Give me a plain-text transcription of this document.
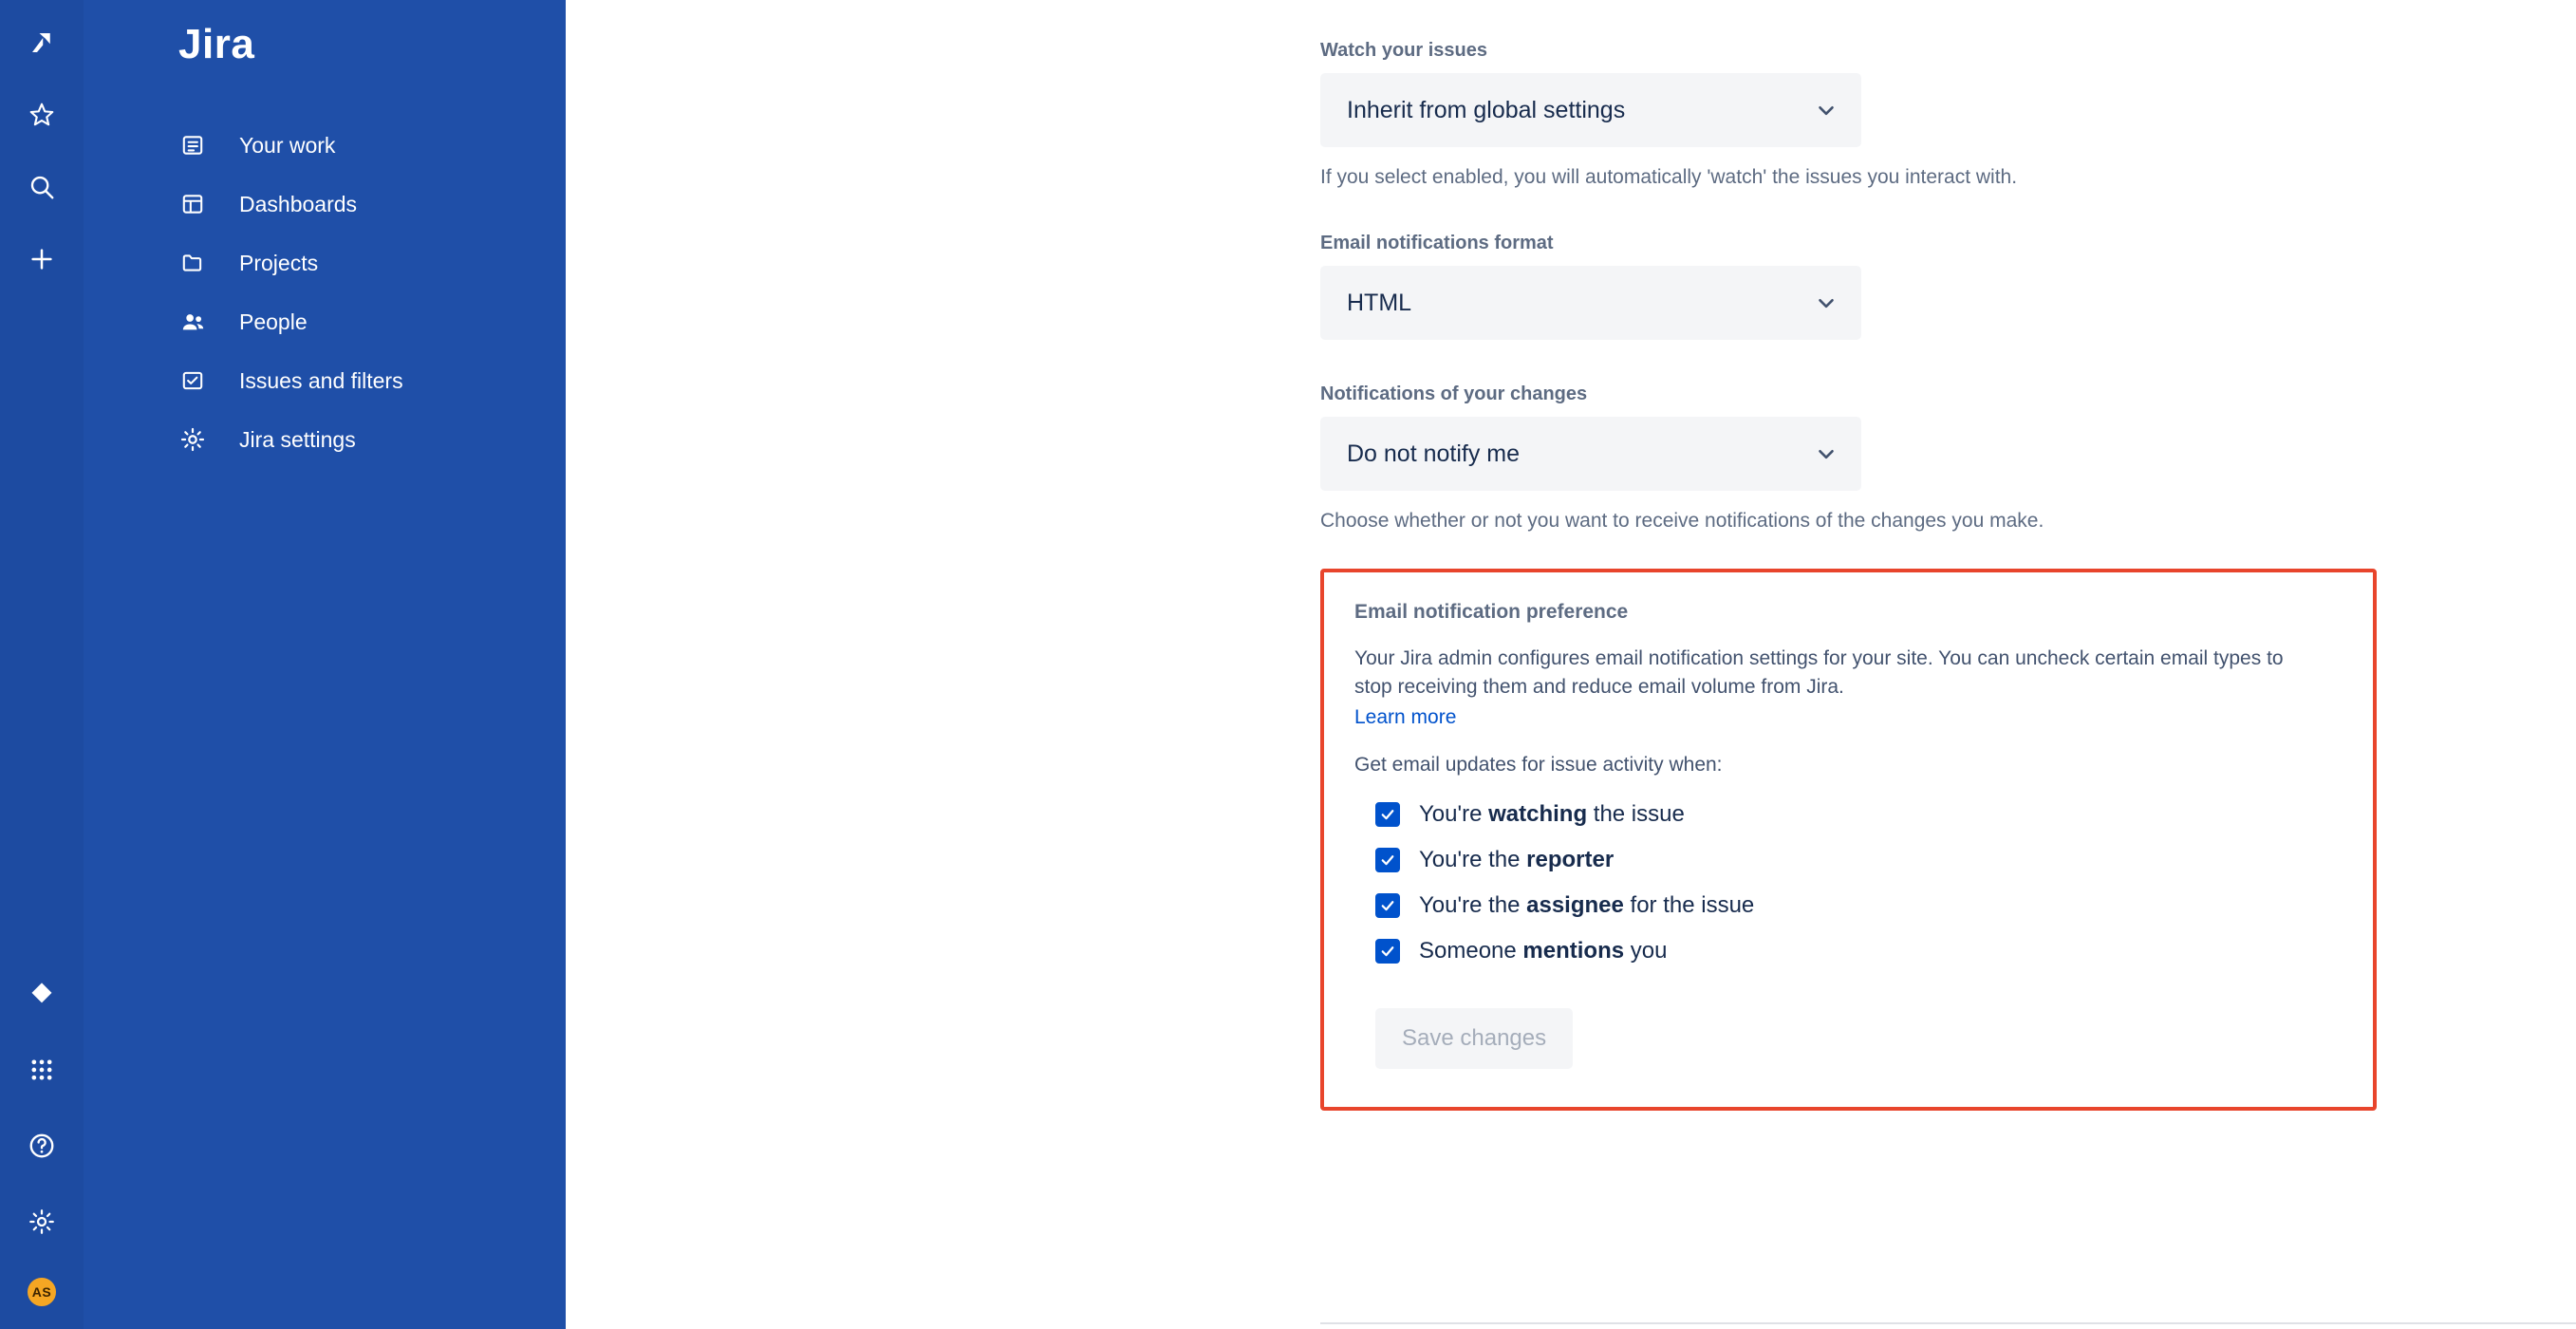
AS
Jira
Your work
Dashboards
Projects
People
Issues and filters
Jira settings
Watch your issues
Inherit from global settings
If you select enabled, you will automatically 'watch' the issues you interact with.
Email notifications format
HTML
Notifications of your changes
Do not notify me
Choose whether or not you want to receive notifications of the changes you make.
Email notification preference
Your Jira admin configures email notification settings for your site. You can uncheck certain email types to stop receiving them and reduce email volume from Jira.
Learn more
Get email updates for issue activity when:
You're watching the issue
You're the reporter
You're the assignee for the issue
Someone mentions you
Save changes
